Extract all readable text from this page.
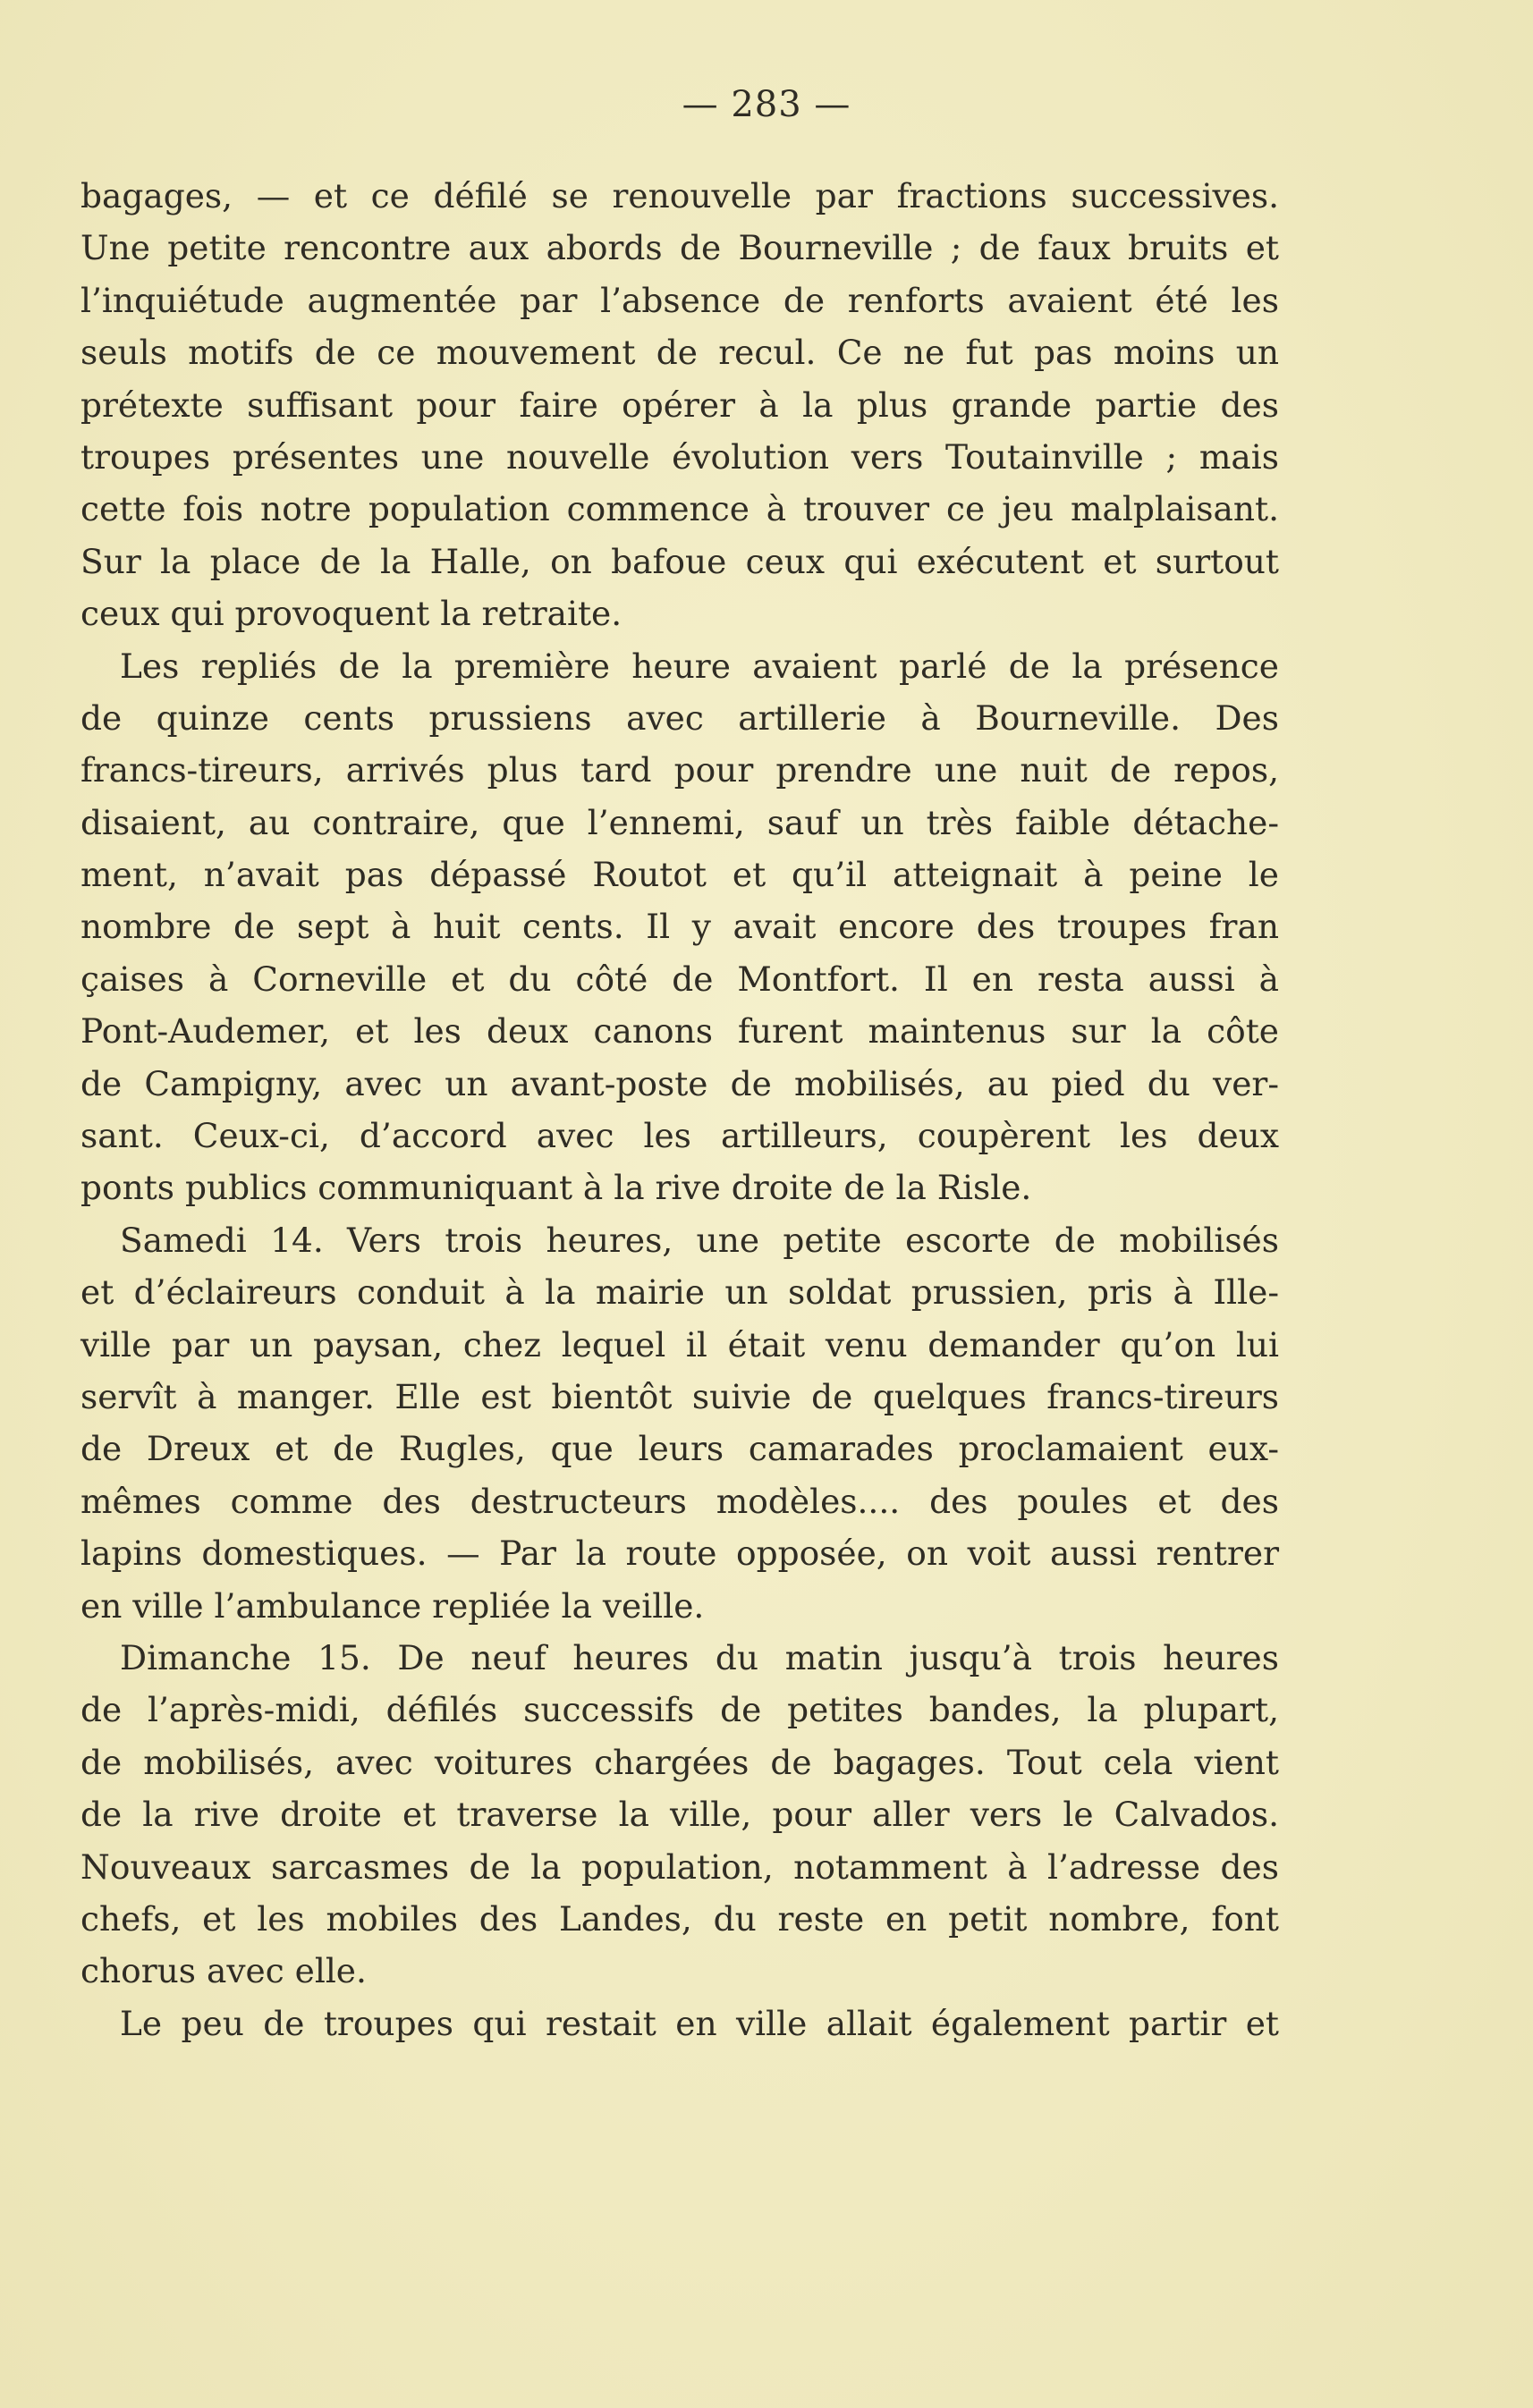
— 283 —
bagages, — et ce défilé se renouvelle par fractions successives.
Une petite rencontre aux abords de Bourneville ; de faux bruits et
l’inquiétude augmentée par l’absence de renforts avaient été les
seuls motifs de ce mouvement de recul. Ce ne fut pas moins un
prétexte suffisant pour faire opérer à la plus grande partie des
troupes présentes une nouvelle évolution vers Toutainville ; mais
cette fois notre population commence à trouver ce jeu malplaisant.
Sur la place de la Halle, on bafoue ceux qui exécutent et surtout
ceux qui provoquent la retraite.
Les repliés de la première heure avaient parlé de la présence
de quinze cents prussiens avec artillerie à Bourneville. Des
francs-tireurs, arrivés plus tard pour prendre une nuit de repos,
disaient, au contraire, que l’ennemi, sauf un très faible détache-
ment, n’avait pas dépassé Routot et qu’il atteignait à peine le
nombre de sept à huit cents. Il y avait encore des troupes fran
çaises à Corneville et du côté de Montfort. Il en resta aussi à
Pont-Audemer, et les deux canons furent maintenus sur la côte
de Campigny, avec un avant-poste de mobilisés, au pied du ver-
sant. Ceux-ci, d’accord avec les artilleurs, coupèrent les deux
ponts publics communiquant à la rive droite de la Risle.
Samedi 14. Vers trois heures, une petite escorte de mobilisés
et d’éclaireurs conduit à la mairie un soldat prussien, pris à Ille-
ville par un paysan, chez lequel il était venu demander qu’on lui
servît à manger. Elle est bientôt suivie de quelques francs-tireurs
de Dreux et de Rugles, que leurs camarades proclamaient eux-
mêmes comme des destructeurs modèles.... des poules et des
lapins domestiques. — Par la route opposée, on voit aussi rentrer
en ville l’ambulance repliée la veille.
Dimanche 15. De neuf heures du matin jusqu’à trois heures
de l’après-midi, défilés successifs de petites bandes, la plupart,
de mobilisés, avec voitures chargées de bagages. Tout cela vient
de la rive droite et traverse la ville, pour aller vers le Calvados.
Nouveaux sarcasmes de la population, notamment à l’adresse des
chefs, et les mobiles des Landes, du reste en petit nombre, font
chorus avec elle.
Le peu de troupes qui restait en ville allait également partir et
